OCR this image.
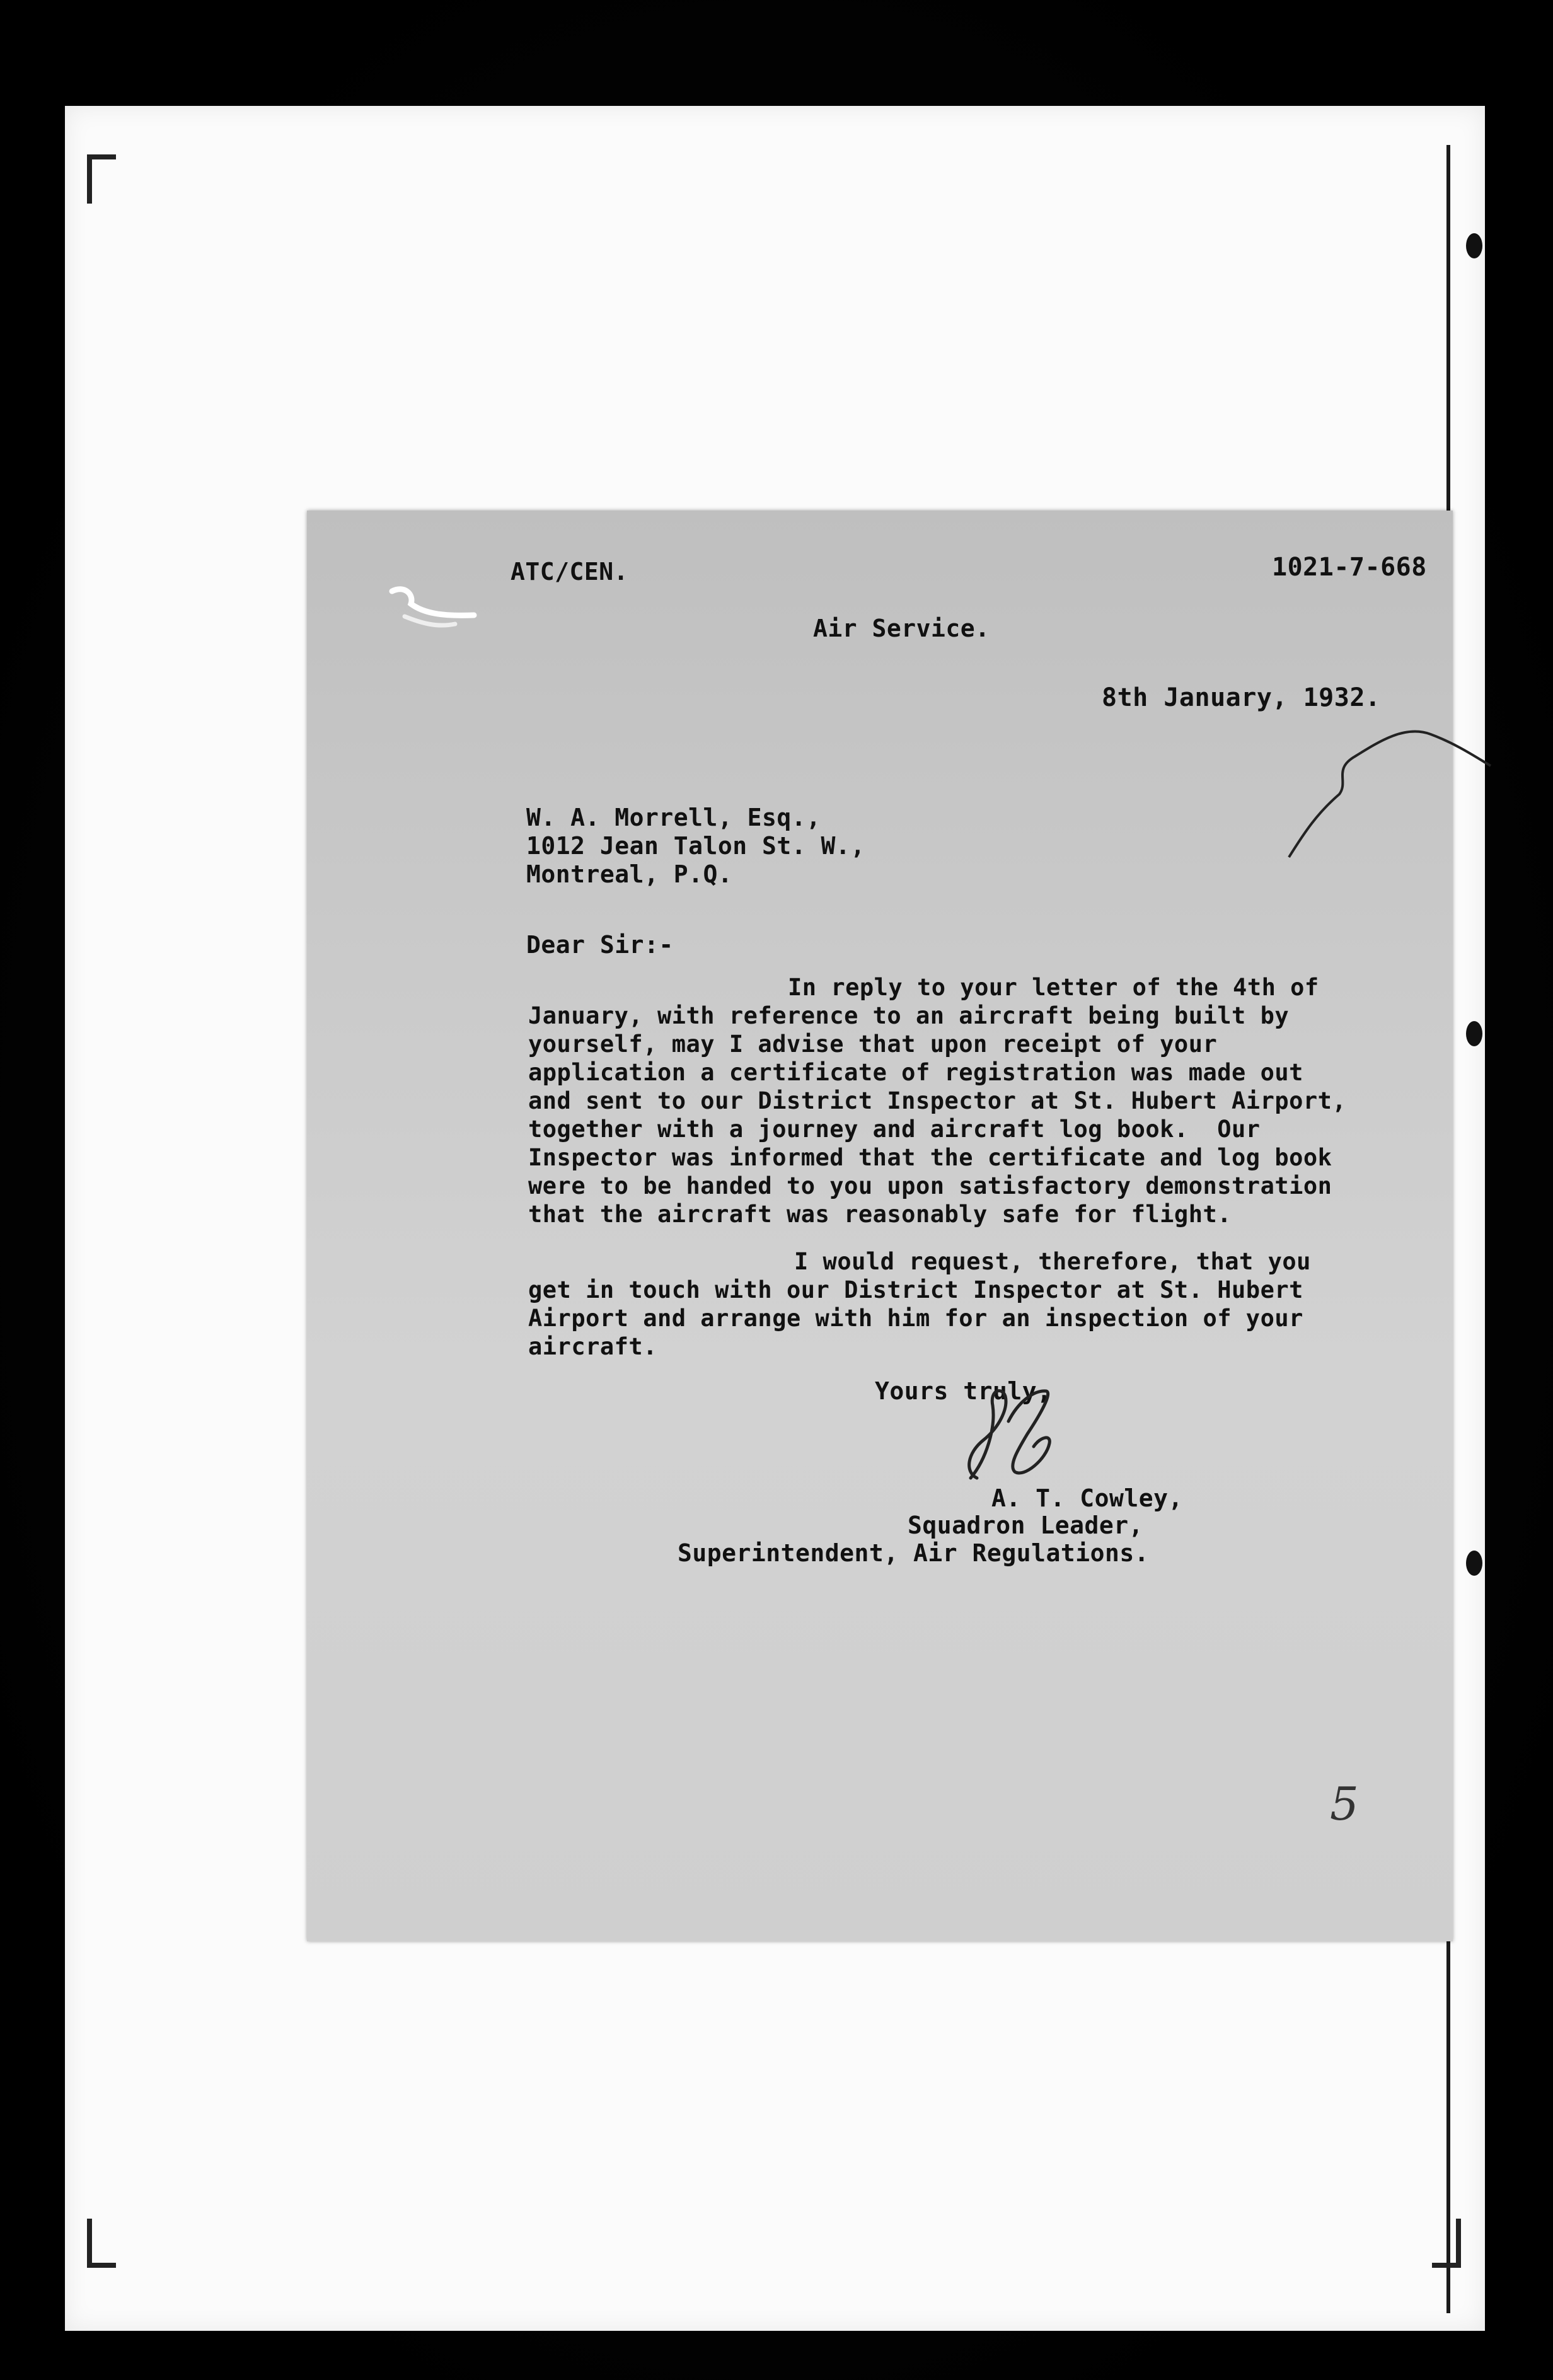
ATC/CEN.	1021-7-668
Air Service.
8th January, 1932.
W. A. Morrell, Esq.,
1012 Jean Talon St. W.,
Montreal, P.Q.
Dear Sir:-
In reply to your letter of the 4th of
January, with reference to an aircraft being built by
yourself, may I advise that upon receipt of your
application a certificate of registration was made out
and sent to our District Inspector at St. Hubert Airport,
together with a journey and aircraft log book.  Our
Inspector was informed that the certificate and log book
were to be handed to you upon satisfactory demonstration
that the aircraft was reasonably safe for flight.
I would request, therefore, that you
get in touch with our District Inspector at St. Hubert
Airport and arrange with him for an inspection of your
aircraft.
Yours truly,
A. T. Cowley,
Squadron Leader,
Superintendent, Air Regulations.
5
